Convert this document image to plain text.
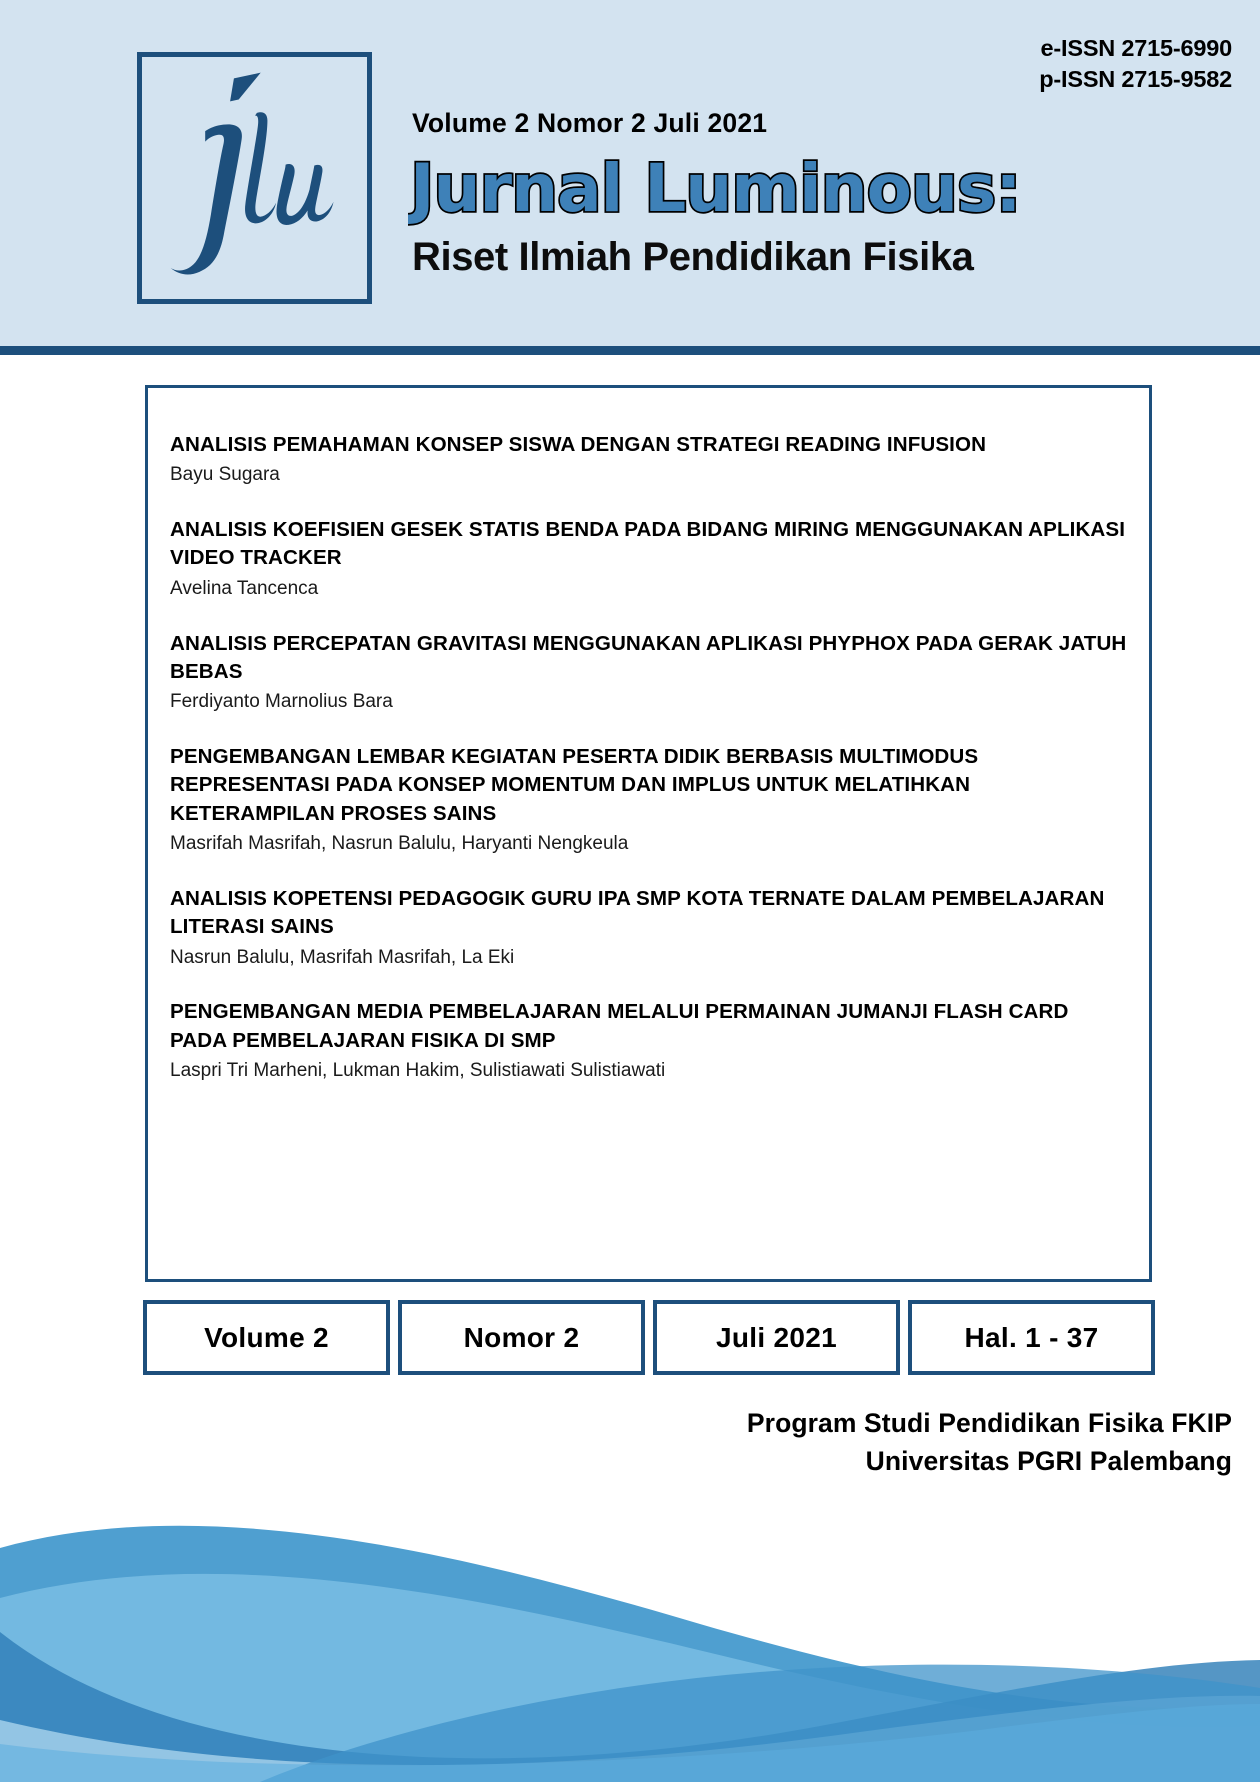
e-ISSN 2715-6990
p-ISSN 2715-9582
Volume 2 Nomor 2 Juli 2021
Jurnal Luminous:
Riset Ilmiah Pendidikan Fisika
ANALISIS PEMAHAMAN KONSEP SISWA DENGAN STRATEGI READING INFUSION
Bayu Sugara
ANALISIS KOEFISIEN GESEK STATIS BENDA PADA BIDANG MIRING MENGGUNAKAN APLIKASI VIDEO TRACKER
Avelina Tancenca
ANALISIS PERCEPATAN GRAVITASI MENGGUNAKAN APLIKASI PHYPHOX PADA GERAK JATUH BEBAS
Ferdiyanto Marnolius Bara
PENGEMBANGAN LEMBAR KEGIATAN PESERTA DIDIK BERBASIS MULTIMODUS REPRESENTASI PADA KONSEP MOMENTUM DAN IMPLUS UNTUK MELATIHKAN KETERAMPILAN PROSES SAINS
Masrifah Masrifah, Nasrun Balulu, Haryanti Nengkeula
ANALISIS KOPETENSI PEDAGOGIK GURU IPA SMP KOTA TERNATE DALAM PEMBELAJARAN LITERASI SAINS
Nasrun Balulu, Masrifah Masrifah, La Eki
PENGEMBANGAN MEDIA PEMBELAJARAN MELALUI PERMAINAN JUMANJI FLASH CARD PADA PEMBELAJARAN FISIKA DI SMP
Laspri Tri Marheni, Lukman Hakim, Sulistiawati Sulistiawati
Volume 2	Nomor 2	Juli 2021	Hal. 1 - 37
Program Studi Pendidikan Fisika FKIP
Universitas PGRI Palembang
